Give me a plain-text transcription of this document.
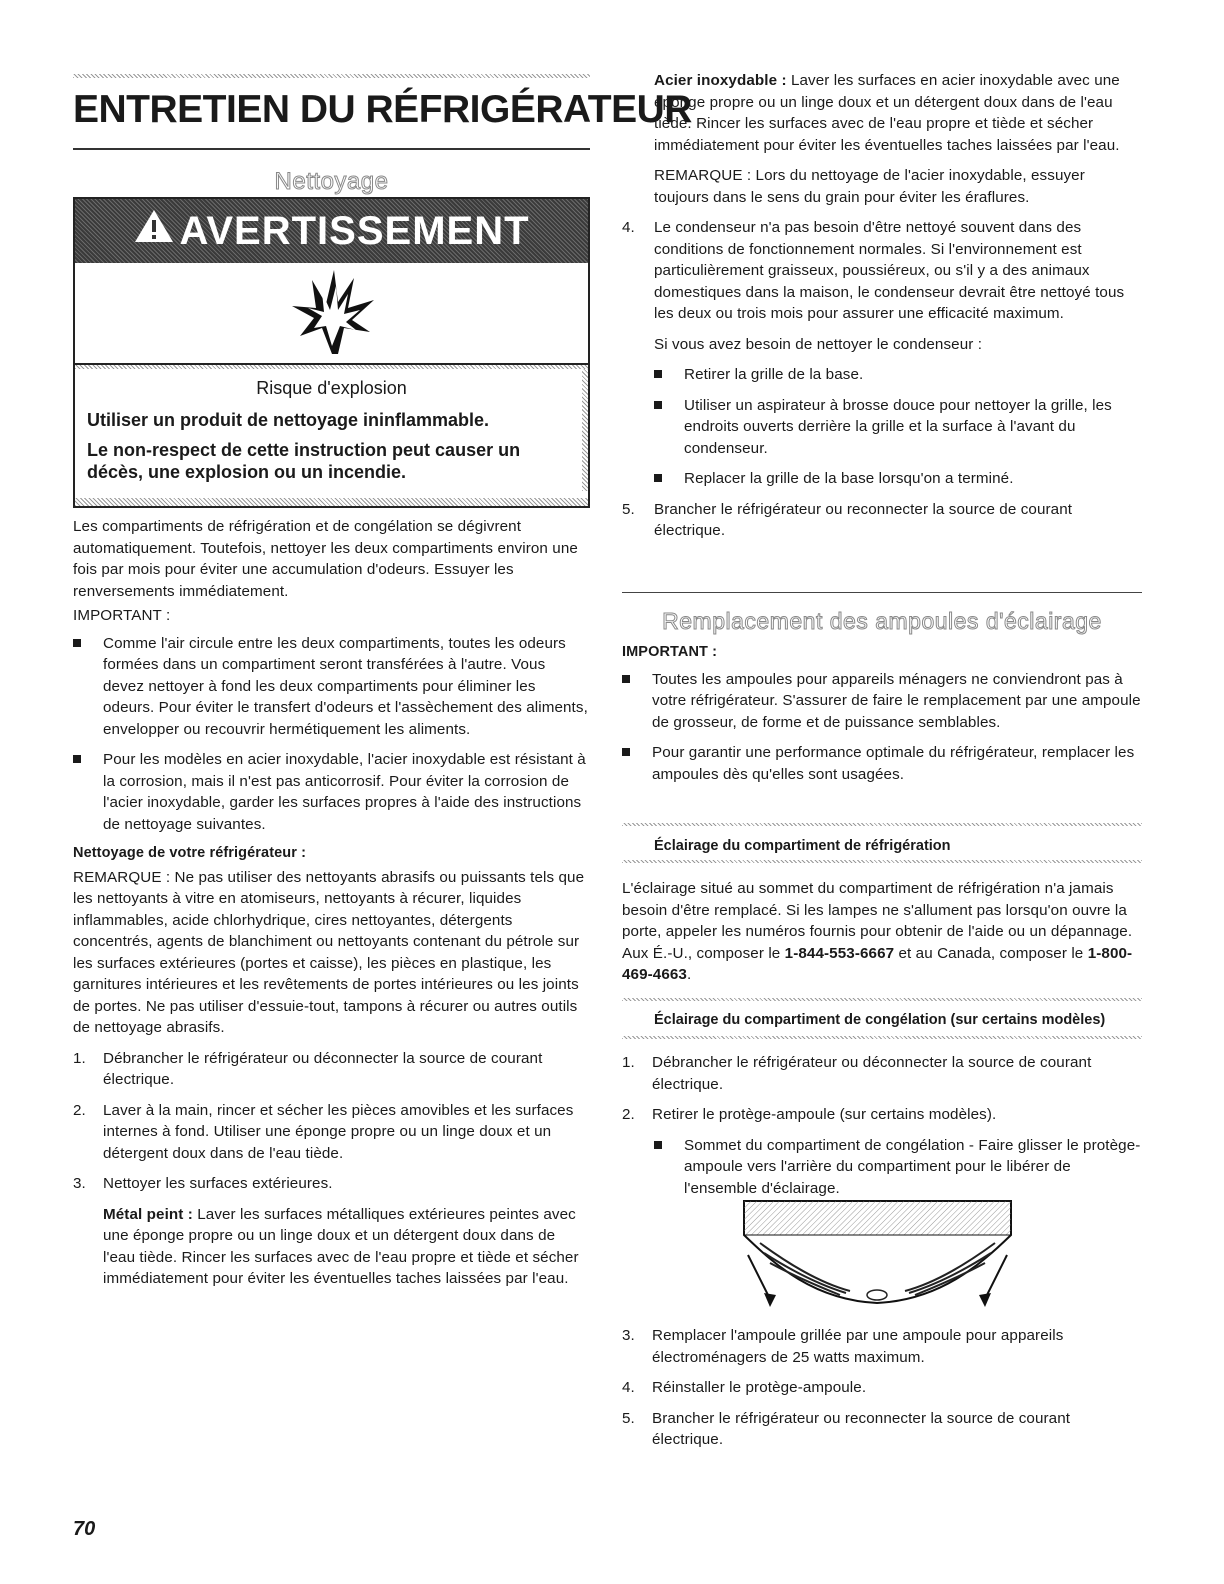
ENTRETIEN DU RÉFRIGÉRATEUR
Nettoyage
AVERTISSEMENT

Risque d'explosion

Utiliser un produit de nettoyage ininflammable.

Le non-respect de cette instruction peut causer un décès, une explosion ou un incendie.

Les compartiments de réfrigération et de congélation se dégivrent automatiquement. Toutefois, nettoyer les deux compartiments environ une fois par mois pour éviter une accumulation d'odeurs. Essuyer les renversements immédiatement.

IMPORTANT :

Comme l'air circule entre les deux compartiments, toutes les odeurs formées dans un compartiment seront transférées à l'autre. Vous devez nettoyer à fond les deux compartiments pour éliminer les odeurs. Pour éviter le transfert d'odeurs et l'assèchement des aliments, envelopper ou recouvrir hermétiquement les aliments.

Pour les modèles en acier inoxydable, l'acier inoxydable est résistant à la corrosion, mais il n'est pas anticorrosif. Pour éviter la corrosion de l'acier inoxydable, garder les surfaces propres à l'aide des instructions de nettoyage suivantes.

Nettoyage de votre réfrigérateur :

REMARQUE : Ne pas utiliser des nettoyants abrasifs ou puissants tels que les nettoyants à vitre en atomiseurs, nettoyants à récurer, liquides inflammables, acide chlorhydrique, cires nettoyantes, détergents concentrés, agents de blanchiment ou nettoyants contenant du pétrole sur les surfaces extérieures (portes et caisse), les pièces en plastique, les garnitures intérieures et les revêtements de portes intérieures ou les joints de portes. Ne pas utiliser d'essuie-tout, tampons à récurer ou autres outils de nettoyage abrasifs.

1. Débrancher le réfrigérateur ou déconnecter la source de courant électrique.

2. Laver à la main, rincer et sécher les pièces amovibles et les surfaces internes à fond. Utiliser une éponge propre ou un linge doux et un détergent doux dans de l'eau tiède.

3. Nettoyer les surfaces extérieures.

Métal peint : Laver les surfaces métalliques extérieures peintes avec une éponge propre ou un linge doux et un détergent doux dans de l'eau tiède. Rincer les surfaces avec de l'eau propre et tiède et sécher immédiatement pour éviter les éventuelles taches laissées par l'eau.

70

Acier inoxydable : Laver les surfaces en acier inoxydable avec une éponge propre ou un linge doux et un détergent doux dans de l'eau tiède. Rincer les surfaces avec de l'eau propre et tiède et sécher immédiatement pour éviter les éventuelles taches laissées par l'eau.

REMARQUE : Lors du nettoyage de l'acier inoxydable, essuyer toujours dans le sens du grain pour éviter les éraflures.

4. Le condenseur n'a pas besoin d'être nettoyé souvent dans des conditions de fonctionnement normales. Si l'environnement est particulièrement graisseux, poussiéreux, ou s'il y a des animaux domestiques dans la maison, le condenseur devrait être nettoyé tous les deux ou trois mois pour assurer une efficacité maximum.

Si vous avez besoin de nettoyer le condenseur :

Retirer la grille de la base.

Utiliser un aspirateur à brosse douce pour nettoyer la grille, les endroits ouverts derrière la grille et la surface à l'avant du condenseur.

Replacer la grille de la base lorsqu'on a terminé.

5. Brancher le réfrigérateur ou reconnecter la source de courant électrique.

Remplacement des ampoules d'éclairage

IMPORTANT :

Toutes les ampoules pour appareils ménagers ne conviendront pas à votre réfrigérateur. S'assurer de faire le remplacement par une ampoule de grosseur, de forme et de puissance semblables.

Pour garantir une performance optimale du réfrigérateur, remplacer les ampoules dès qu'elles sont usagées.

Éclairage du compartiment de réfrigération

L'éclairage situé au sommet du compartiment de réfrigération n'a jamais besoin d'être remplacé. Si les lampes ne s'allument pas lorsqu'on ouvre la porte, appeler les numéros fournis pour obtenir de l'aide ou un dépannage. Aux É.-U., composer le 1-844-553-6667 et au Canada, composer le 1-800-469-4663.

Éclairage du compartiment de congélation (sur certains modèles)

1. Débrancher le réfrigérateur ou déconnecter la source de courant électrique.

2. Retirer le protège-ampoule (sur certains modèles).

Sommet du compartiment de congélation - Faire glisser le protège-ampoule vers l'arrière du compartiment pour le libérer de l'ensemble d'éclairage.

3. Remplacer l'ampoule grillée par une ampoule pour appareils électroménagers de 25 watts maximum.

4. Réinstaller le protège-ampoule.

5. Brancher le réfrigérateur ou reconnecter la source de courant électrique.
